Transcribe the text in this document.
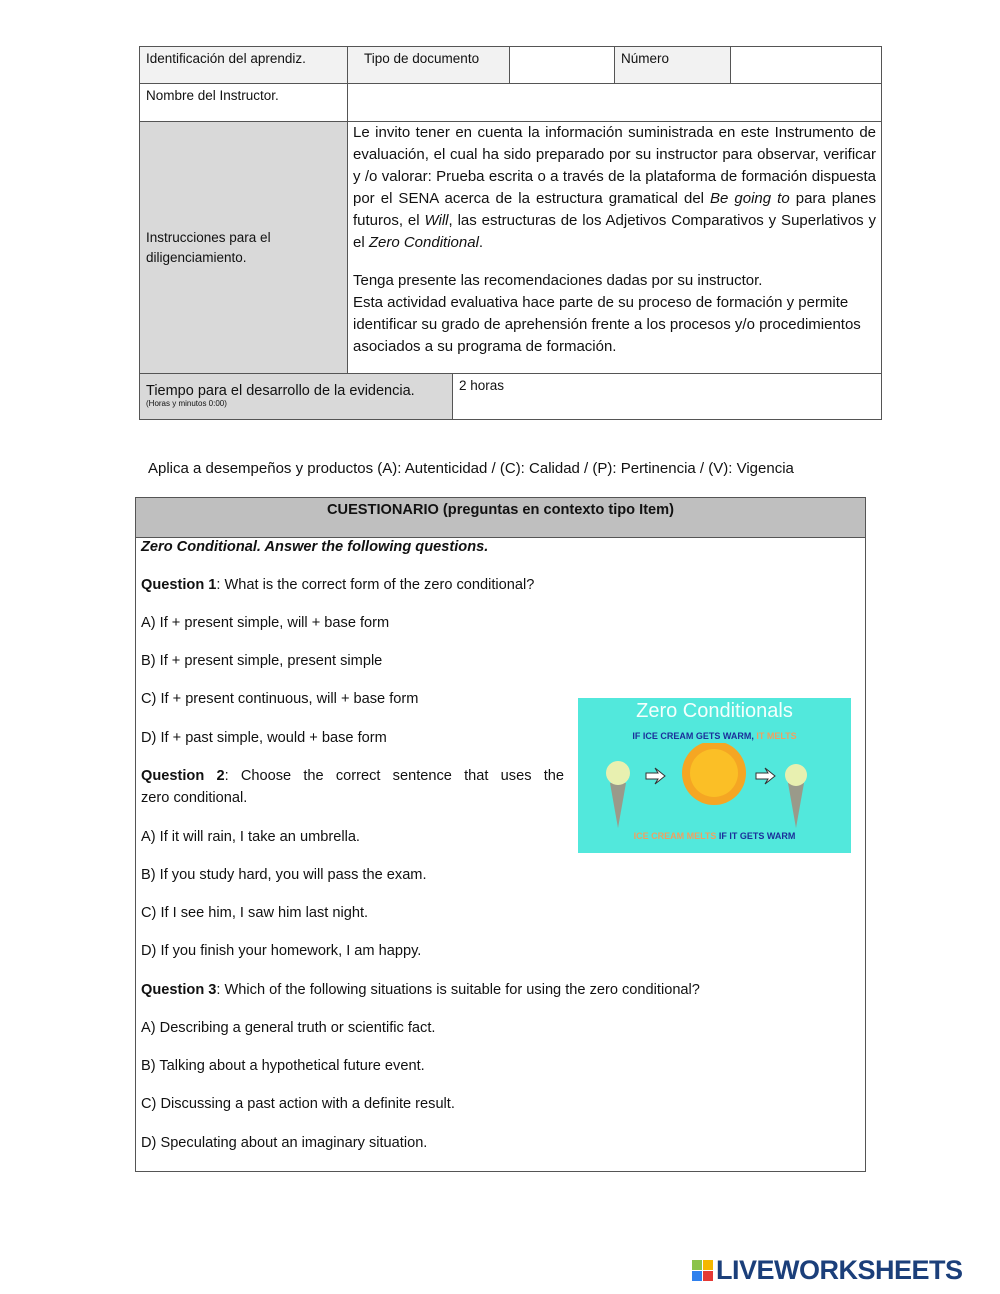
Identificación del aprendiz.	Tipo de documento	Número
Nombre del Instructor.
Instrucciones para el diligenciamiento.
Le invito tener en cuenta la información suministrada en este Instrumento de evaluación, el cual ha sido preparado por su instructor para observar, verificar y /o valorar: Prueba escrita o a través de la plataforma de formación dispuesta por el SENA acerca de la estructura gramatical del Be going to para planes futuros, el Will, las estructuras de los Adjetivos Comparativos y Superlativos y el Zero Conditional.
Tenga presente las recomendaciones dadas por su instructor.
Esta actividad evaluativa hace parte de su proceso de formación y permite identificar su grado de aprehensión frente a los procesos y/o procedimientos asociados a su programa de formación.
Tiempo para el desarrollo de la evidencia.
(Horas y minutos 0:00)
2 horas
Aplica a desempeños y productos (A): Autenticidad / (C): Calidad / (P): Pertinencia / (V): Vigencia
CUESTIONARIO (preguntas en contexto tipo Item)
Zero Conditional. Answer the following questions.
Question 1: What is the correct form of the zero conditional?
A) If + present simple, will + base form
B) If + present simple, present simple
C) If + present continuous, will + base form
D) If + past simple, would + base form
Question 2: Choose the correct sentence that uses the
zero conditional.
A) If it will rain, I take an umbrella.
B) If you study hard, you will pass the exam.
C) If I see him, I saw him last night.
D) If you finish your homework, I am happy.
Question 3: Which of the following situations is suitable for using the zero conditional?
A) Describing a general truth or scientific fact.
B) Talking about a hypothetical future event.
C) Discussing a past action with a definite result.
D) Speculating about an imaginary situation.
Zero Conditionals
IF ICE CREAM GETS WARM, IT MELTS
ICE CREAM MELTS IF IT GETS WARM
LIVEWORKSHEETS
